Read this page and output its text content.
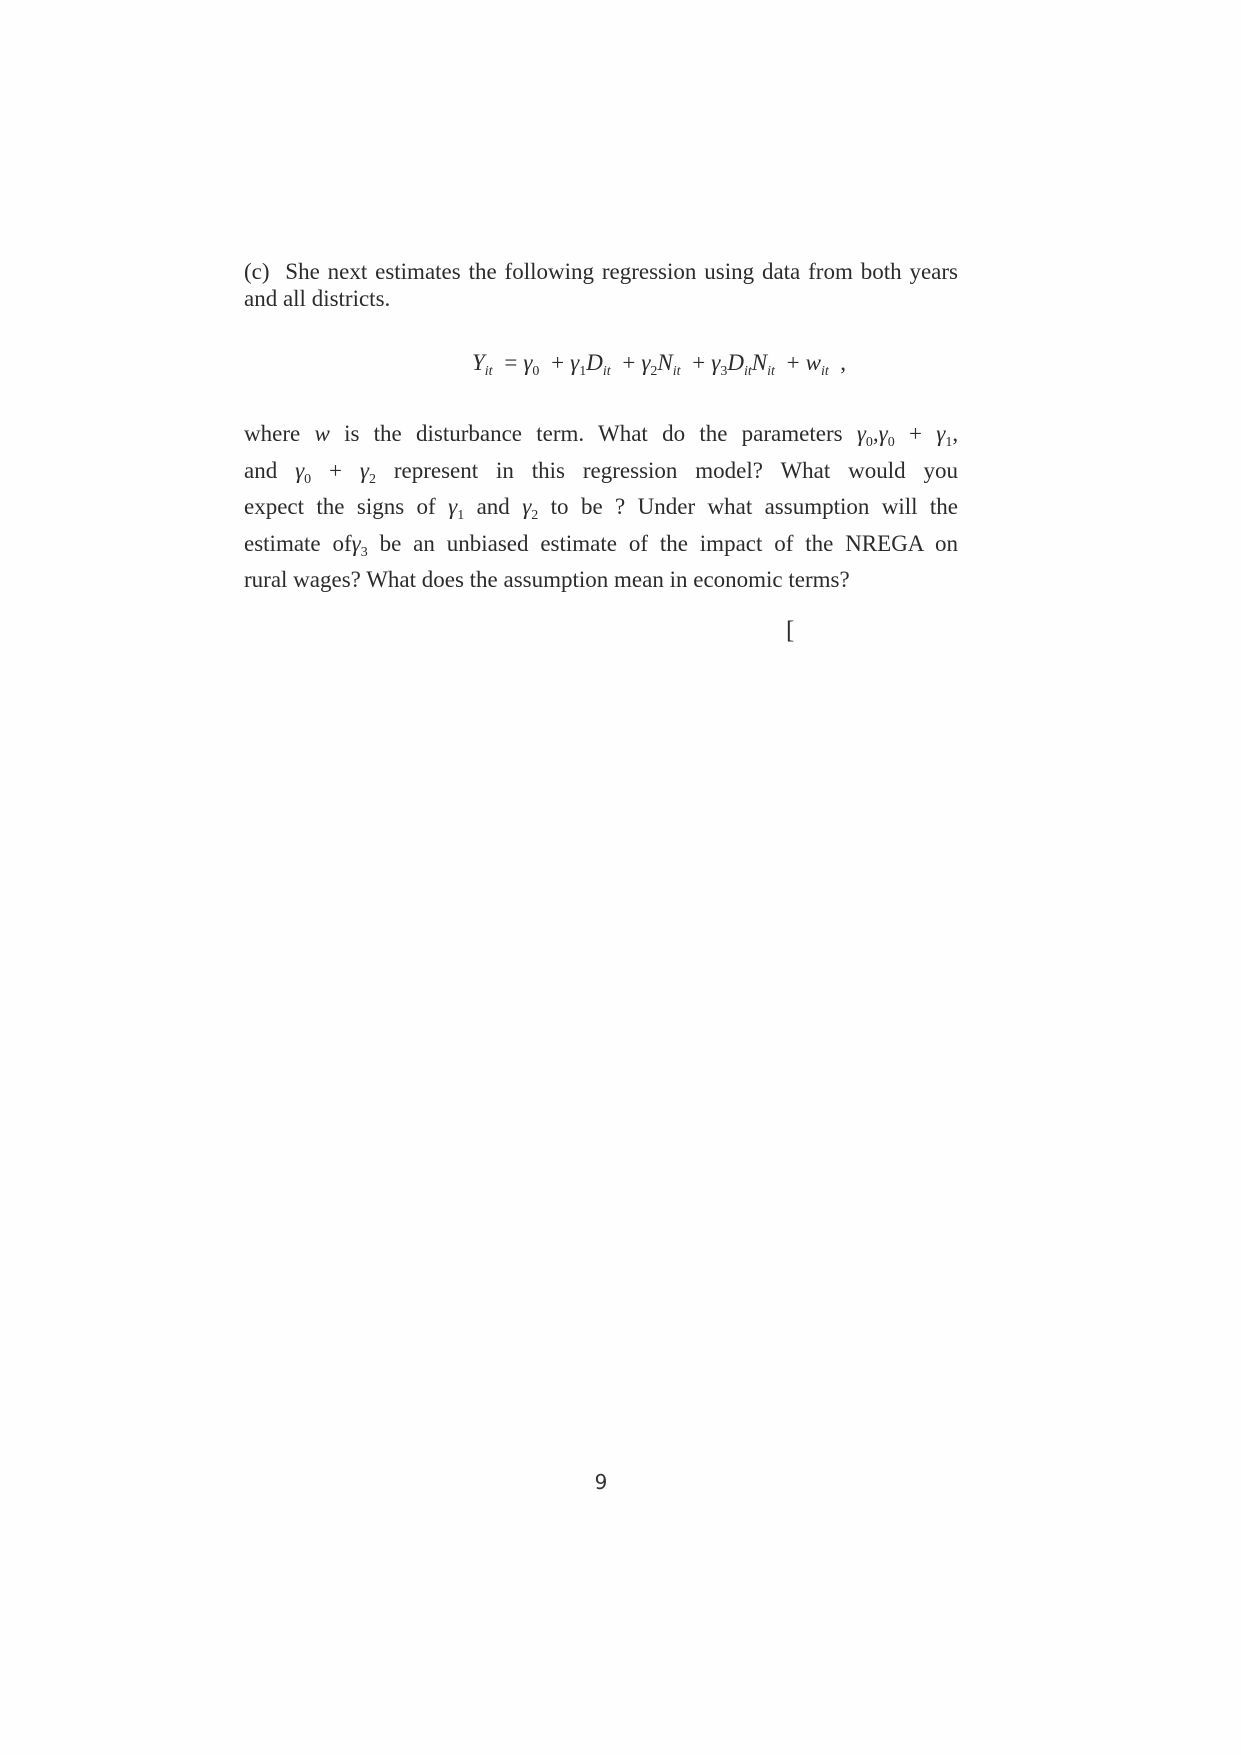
(c) She next estimates the following regression using data from both years and all districts.
$Y_{it} = \gamma_0 + \gamma_1D_{it} + \gamma_2N_{it} + \gamma_3D_{it}N_{it} + w_{it}$ ,
where w is the disturbance term. What do the parameters $\gamma_0,\gamma_0 + \gamma_1$,
and $\gamma_0 + \gamma_2$ represent in this regression model? What would you
expect the signs of $\gamma_1$ and $\gamma_2$ to be ? Under what assumption will the
estimate ofγ$_3$ be an unbiased estimate of the impact of the NREGA on
rural wages? What does the assumption mean in economic terms?
[
9
